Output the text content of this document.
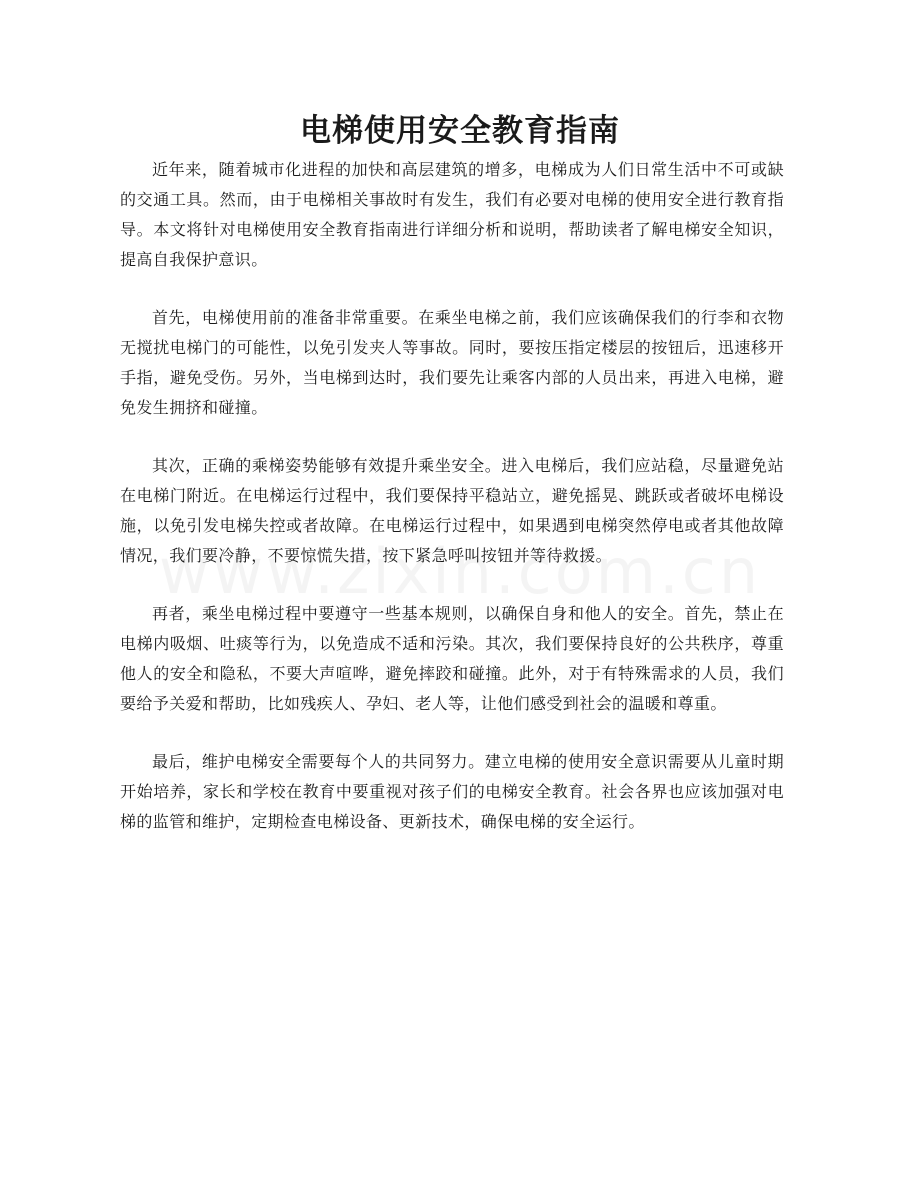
电梯使用安全教育指南

近年来，随着城市化进程的加快和高层建筑的增多，电梯成为人们日常生活中不可或缺的交通工具。然而，由于电梯相关事故时有发生，我们有必要对电梯的使用安全进行教育指导。本文将针对电梯使用安全教育指南进行详细分析和说明，帮助读者了解电梯安全知识，提高自我保护意识。

首先，电梯使用前的准备非常重要。在乘坐电梯之前，我们应该确保我们的行李和衣物无搅扰电梯门的可能性，以免引发夹人等事故。同时，要按压指定楼层的按钮后，迅速移开手指，避免受伤。另外，当电梯到达时，我们要先让乘客内部的人员出来，再进入电梯，避免发生拥挤和碰撞。

其次，正确的乘梯姿势能够有效提升乘坐安全。进入电梯后，我们应站稳，尽量避免站在电梯门附近。在电梯运行过程中，我们要保持平稳站立，避免摇晃、跳跃或者破坏电梯设施，以免引发电梯失控或者故障。在电梯运行过程中，如果遇到电梯突然停电或者其他故障情况，我们要冷静，不要惊慌失措，按下紧急呼叫按钮并等待救援。

再者，乘坐电梯过程中要遵守一些基本规则，以确保自身和他人的安全。首先，禁止在电梯内吸烟、吐痰等行为，以免造成不适和污染。其次，我们要保持良好的公共秩序，尊重他人的安全和隐私，不要大声喧哗，避免摔跤和碰撞。此外，对于有特殊需求的人员，我们要给予关爱和帮助，比如残疾人、孕妇、老人等，让他们感受到社会的温暖和尊重。

最后，维护电梯安全需要每个人的共同努力。建立电梯的使用安全意识需要从儿童时期开始培养，家长和学校在教育中要重视对孩子们的电梯安全教育。社会各界也应该加强对电梯的监管和维护，定期检查电梯设备、更新技术，确保电梯的安全运行。
